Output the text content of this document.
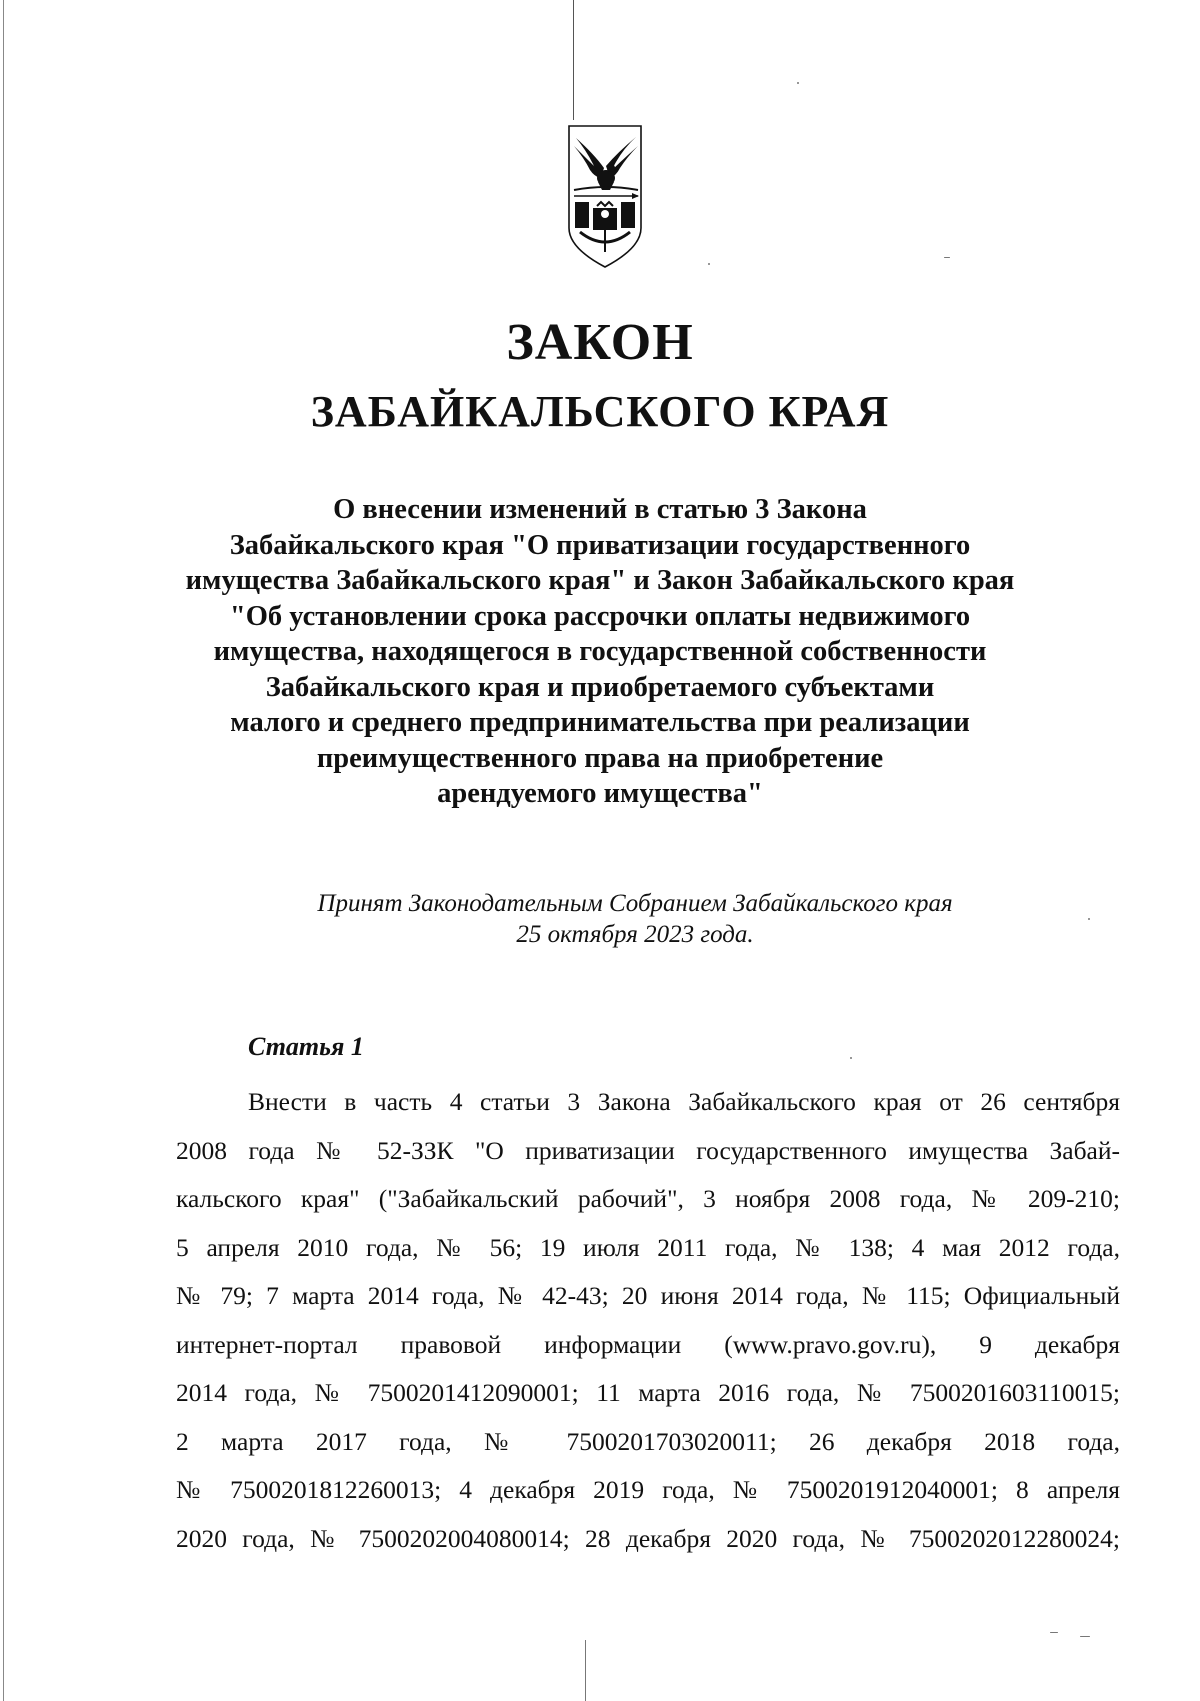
ЗАКОН
ЗАБАЙКАЛЬСКОГО КРАЯ

О внесении изменений в статью 3 Закона
Забайкальского края "О приватизации государственного
имущества Забайкальского края" и Закон Забайкальского края
"Об установлении срока рассрочки оплаты недвижимого
имущества, находящегося в государственной собственности
Забайкальского края и приобретаемого субъектами
малого и среднего предпринимательства при реализации
преимущественного права на приобретение
арендуемого имущества"

Принят Законодательным Собранием Забайкальского края
25 октября 2023 года.

Статья 1

Внести в часть 4 статьи 3 Закона Забайкальского края от 26 сентября
2008 года № 52-ЗЗК "О приватизации государственного имущества Забай-
кальского края" ("Забайкальский рабочий", 3 ноября 2008 года, № 209-210;
5 апреля 2010 года, № 56; 19 июля 2011 года, № 138; 4 мая 2012 года,
№ 79; 7 марта 2014 года, № 42-43; 20 июня 2014 года, № 115; Официальный
интернет-портал правовой информации (www.pravo.gov.ru), 9 декабря
2014 года, № 7500201412090001; 11 марта 2016 года, № 7500201603110015;
2 марта 2017 года, № 7500201703020011; 26 декабря 2018 года,
№ 7500201812260013; 4 декабря 2019 года, № 7500201912040001; 8 апреля
2020 года, № 7500202004080014; 28 декабря 2020 года, № 7500202012280024;
